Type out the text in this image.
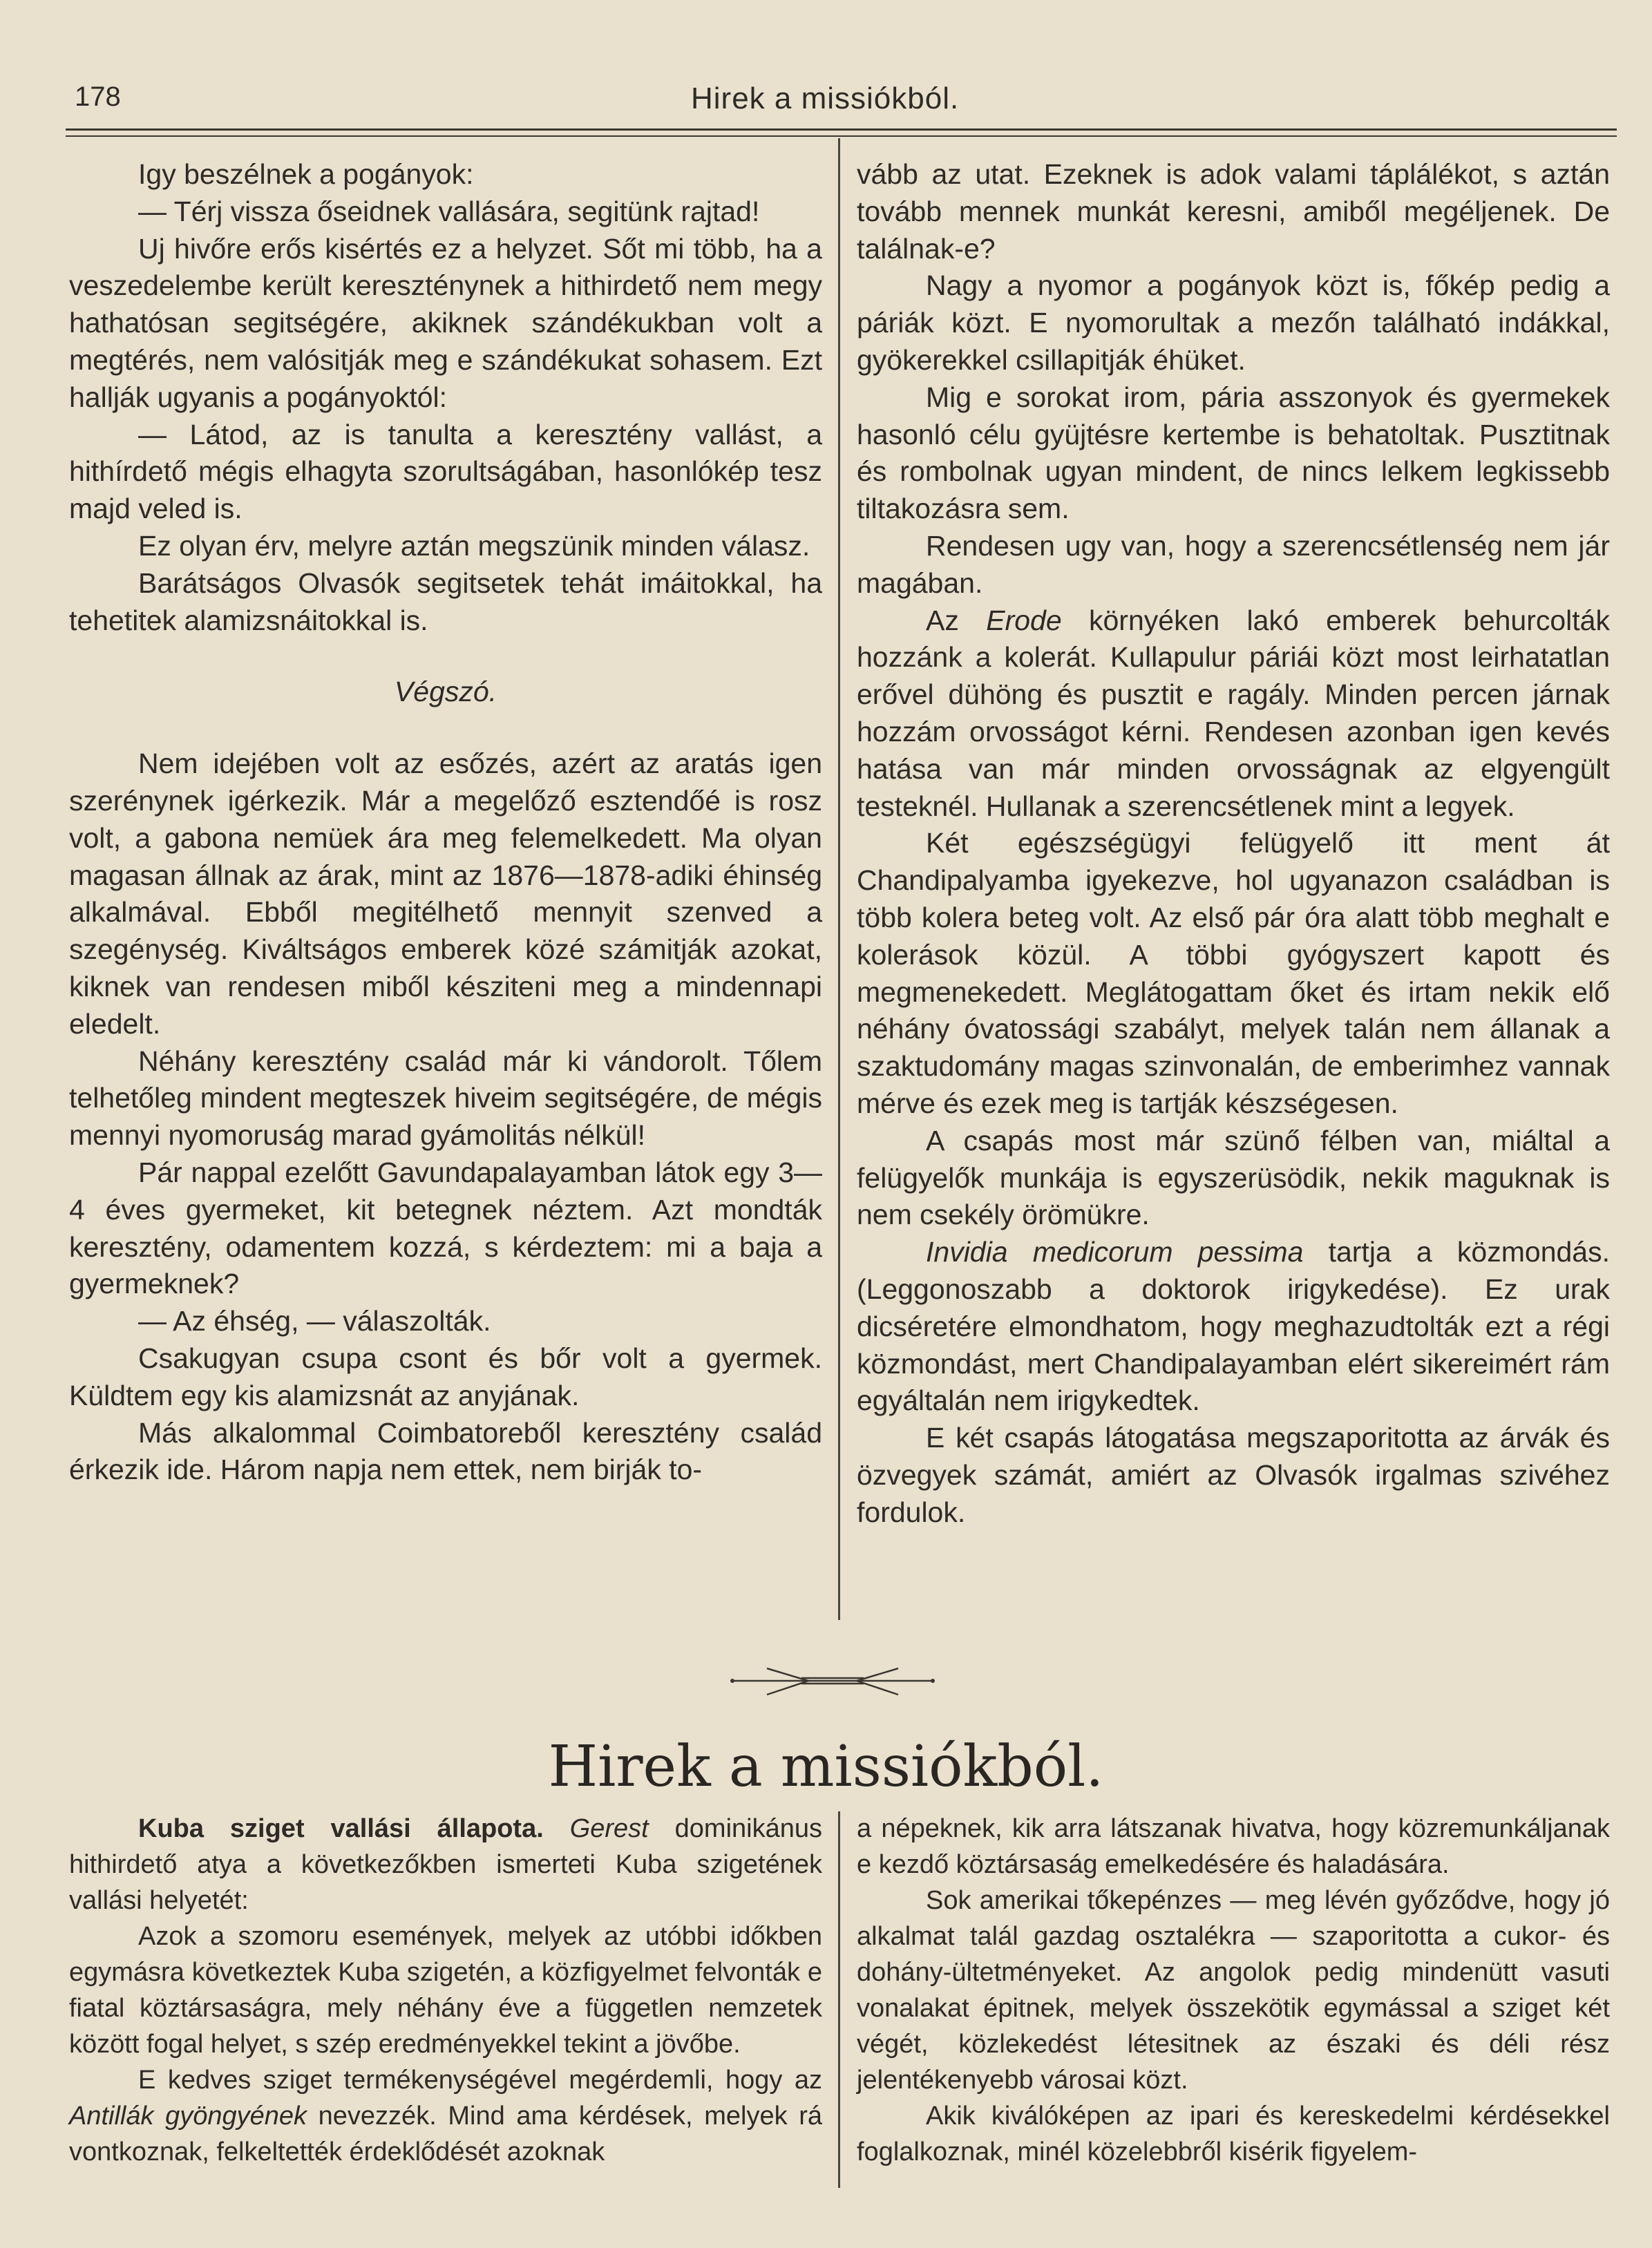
178	Hirek a missiókból.

Igy beszélnek a pogányok:

— Térj vissza őseidnek vallására, segitünk rajtad!

Uj hivőre erős kisértés ez a helyzet. Sőt mi több, ha a veszedelembe került kereszténynek a hithirdető nem megy hathatósan segitségére, akiknek szándékukban volt a megtérés, nem valósitják meg e szándékukat sohasem. Ezt hallják ugyanis a pogányoktól:

— Látod, az is tanulta a keresztény vallást, a hithírdető mégis elhagyta szorultságában, hasonlókép tesz majd veled is.

Ez olyan érv, melyre aztán megszünik minden válasz.

Barátságos Olvasók segitsetek tehát imáitokkal, ha tehetitek alamizsnáitokkal is.

Végszó.

Nem idejében volt az esőzés, azért az aratás igen szerénynek igérkezik. Már a megelőző esztendőé is rosz volt, a gabona nemüek ára meg felemelkedett. Ma olyan magasan állnak az árak, mint az 1876—1878-adiki éhinség alkalmával. Ebből megitélhető mennyit szenved a szegénység. Kiváltságos emberek közé számitják azokat, kiknek van rendesen miből késziteni meg a mindennapi eledelt.

Néhány keresztény család már ki vándorolt. Tőlem telhetőleg mindent megteszek hiveim segitségére, de mégis mennyi nyomoruság marad gyámolitás nélkül!

Pár nappal ezelőtt Gavundapalayamban látok egy 3—4 éves gyermeket, kit betegnek néztem. Azt mondták keresztény, odamentem kozzá, s kérdeztem: mi a baja a gyermeknek?

— Az éhség, — válaszolták.

Csakugyan csupa csont és bőr volt a gyermek. Küldtem egy kis alamizsnát az anyjának.

Más alkalommal Coimbatoreből keresztény család érkezik ide. Három napja nem ettek, nem birják to-

vább az utat. Ezeknek is adok valami táplálékot, s aztán tovább mennek munkát keresni, amiből megéljenek. De találnak-e?

Nagy a nyomor a pogányok közt is, főkép pedig a páriák közt. E nyomorultak a mezőn található indákkal, gyökerekkel csillapitják éhüket.

Mig e sorokat irom, pária asszonyok és gyermekek hasonló célu gyüjtésre kertembe is behatoltak. Pusztitnak és rombolnak ugyan mindent, de nincs lelkem legkissebb tiltakozásra sem.

Rendesen ugy van, hogy a szerencsétlenség nem jár magában.

Az Erode környéken lakó emberek behurcolták hozzánk a kolerát. Kullapulur páriái közt most leirhatatlan erővel dühöng és pusztit e ragály. Minden percen járnak hozzám orvosságot kérni. Rendesen azonban igen kevés hatása van már minden orvosságnak az elgyengült testeknél. Hullanak a szerencsétlenek mint a legyek.

Két egészségügyi felügyelő itt ment át Chandipalyamba igyekezve, hol ugyanazon családban is több kolera beteg volt. Az első pár óra alatt több meghalt e kolerások közül. A többi gyógyszert kapott és megmenekedett. Meglátogattam őket és irtam nekik elő néhány óvatossági szabályt, melyek talán nem állanak a szaktudomány magas szinvonalán, de emberimhez vannak mérve és ezek meg is tartják készségesen.

A csapás most már szünő félben van, miáltal a felügyelők munkája is egyszerüsödik, nekik maguknak is nem csekély örömükre.

Invidia medicorum pessima tartja a közmondás. (Leggonoszabb a doktorok irigykedése). Ez urak dicséretére elmondhatom, hogy meghazudtolták ezt a régi közmondást, mert Chandipalayamban elért sikereimért rám egyáltalán nem irigykedtek.

E két csapás látogatása megszaporitotta az árvák és özvegyek számát, amiért az Olvasók irgalmas szivéhez fordulok.

Hirek a missiókból.

Kuba sziget vallási állapota. Gerest dominikánus hithirdető atya a következőkben ismerteti Kuba szigetének vallási helyetét:

Azok a szomoru események, melyek az utóbbi időkben egymásra következtek Kuba szigetén, a közfigyelmet felvonták e fiatal köztársaságra, mely néhány éve a független nemzetek között fogal helyet, s szép eredményekkel tekint a jövőbe.

E kedves sziget termékenységével megérdemli, hogy az Antillák gyöngyének nevezzék. Mind ama kérdések, melyek rá vontkoznak, felkeltették érdeklődését azoknak

a népeknek, kik arra látszanak hivatva, hogy közremunkáljanak e kezdő köztársaság emelkedésére és haladására.

Sok amerikai tőkepénzes — meg lévén győződve, hogy jó alkalmat talál gazdag osztalékra — szaporitotta a cukor- és dohány-ültetményeket. Az angolok pedig mindenütt vasuti vonalakat épitnek, melyek összekötik egymással a sziget két végét, közlekedést létesitnek az északi és déli rész jelentékenyebb városai közt.

Akik kiválóképen az ipari és kereskedelmi kérdésekkel foglalkoznak, minél közelebbről kisérik figyelem-
